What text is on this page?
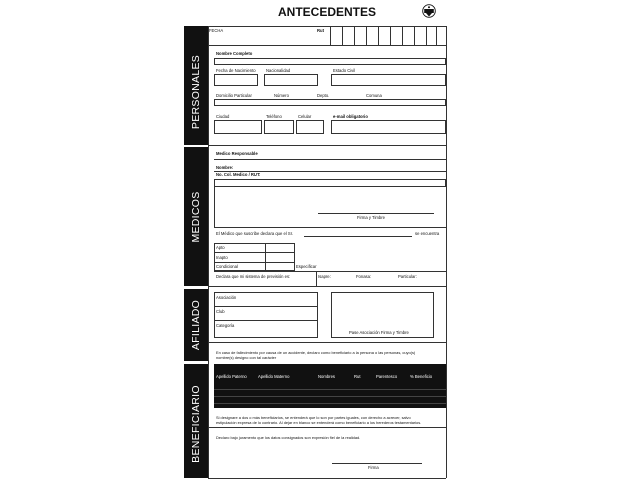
ANTECEDENTES
PERSONALES
MEDICOS
AFILIADO
BENEFICIARIO
FECHA	Rut
Nombre Completo
Fecha de Nacimiento Nacionalidad	Estado Civil
Domicilio Particular	Número	Depto.	Comuna
Ciudad	Teléfono	Celular	e-mail obligatorio
Medico Responsable
Nombre:
No. Col. Medico / RUT:
Firma y Timbre
El Médico que suscribe declara que el Sr.	se encuentra
Apto
Inapto
Condicional	Especificar
Declara que mi sistema de previsión es:	Isapre:	Fonasa:	Particular:
Asociación
Club
Categoría
Pase Asociación Firma y Timbre
En caso de fallecimiento por causa de un accidente, declaro como beneficiario a la persona o las personas, cuyo(s)
nombre(s) designo con tal carácter
Apellido Paterno	Apellido Materno	Nombres	Rut	Parentesco	% Beneficio
Si designare a dos o más beneficiarios, se entenderá que lo son por partes iguales, con derecho a acrecer, salvo
estipulación expresa de lo contrario. Al dejar en blanco se entenderá como beneficiario a los herederos testamentarios.
Declaro bajo juramento que los datos consignados son expresión fiel de la realidad.
Firma
